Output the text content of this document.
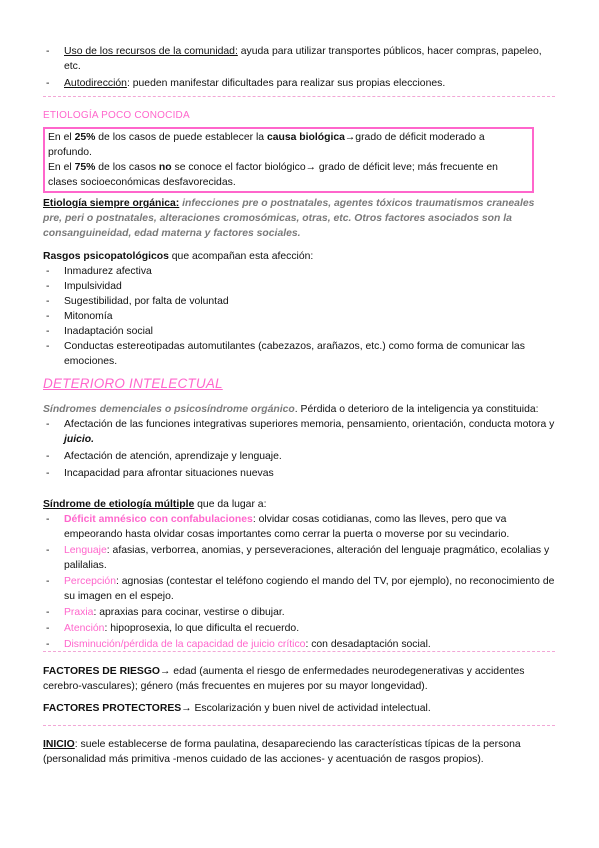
- Uso de los recursos de la comunidad: ayuda para utilizar transportes públicos, hacer compras, papeleo, etc.
- Autodirección: pueden manifestar dificultades para realizar sus propias elecciones.
ETIOLOGÍA POCO CONOCIDA
En el 25% de los casos de puede establecer la causa biológica→grado de déficit moderado a profundo.
En el 75% de los casos no se conoce el factor biológico→ grado de déficit leve; más frecuente en clases socioeconómicas desfavorecidas.
Etiología siempre orgánica: infecciones pre o postnatales, agentes tóxicos traumatismos craneales pre, peri o postnatales, alteraciones cromosómicas, otras, etc. Otros factores asociados son la consanguineidad, edad materna y factores sociales.
Rasgos psicopatológicos que acompañan esta afección:
- Inmadurez afectiva
- Impulsividad
- Sugestibilidad, por falta de voluntad
- Mitonomía
- Inadaptación social
- Conductas estereotipadas automutilantes (cabezazos, arañazos, etc.) como forma de comunicar las emociones.
DETERIORO INTELECTUAL
Síndromes demenciales o psicosíndrome orgánico. Pérdida o deterioro de la inteligencia ya constituida:
- Afectación de las funciones integrativas superiores memoria, pensamiento, orientación, conducta motora y juicio.
- Afectación de atención, aprendizaje y lenguaje.
- Incapacidad para afrontar situaciones nuevas
Síndrome de etiología múltiple que da lugar a:
- Déficit amnésico con confabulaciones: olvidar cosas cotidianas, como las lleves, pero que va empeorando hasta olvidar cosas importantes como cerrar la puerta o moverse por su vecindario.
- Lenguaje: afasias, verborrea, anomias, y perseveraciones, alteración del lenguaje pragmático, ecolalias y palilalias.
- Percepción: agnosias (contestar el teléfono cogiendo el mando del TV, por ejemplo), no reconocimiento de su imagen en el espejo.
- Praxia: apraxias para cocinar, vestirse o dibujar.
- Atención: hipoprosexia, lo que dificulta el recuerdo.
- Disminución/pérdida de la capacidad de juicio crítico: con desadaptación social.
FACTORES DE RIESGO→ edad (aumenta el riesgo de enfermedades neurodegenerativas y accidentes cerebro-vasculares); género (más frecuentes en mujeres por su mayor longevidad).
FACTORES PROTECTORES→ Escolarización y buen nivel de actividad intelectual.
INICIO: suele establecerse de forma paulatina, desapareciendo las características típicas de la persona (personalidad más primitiva -menos cuidado de las acciones- y acentuación de rasgos propios).
